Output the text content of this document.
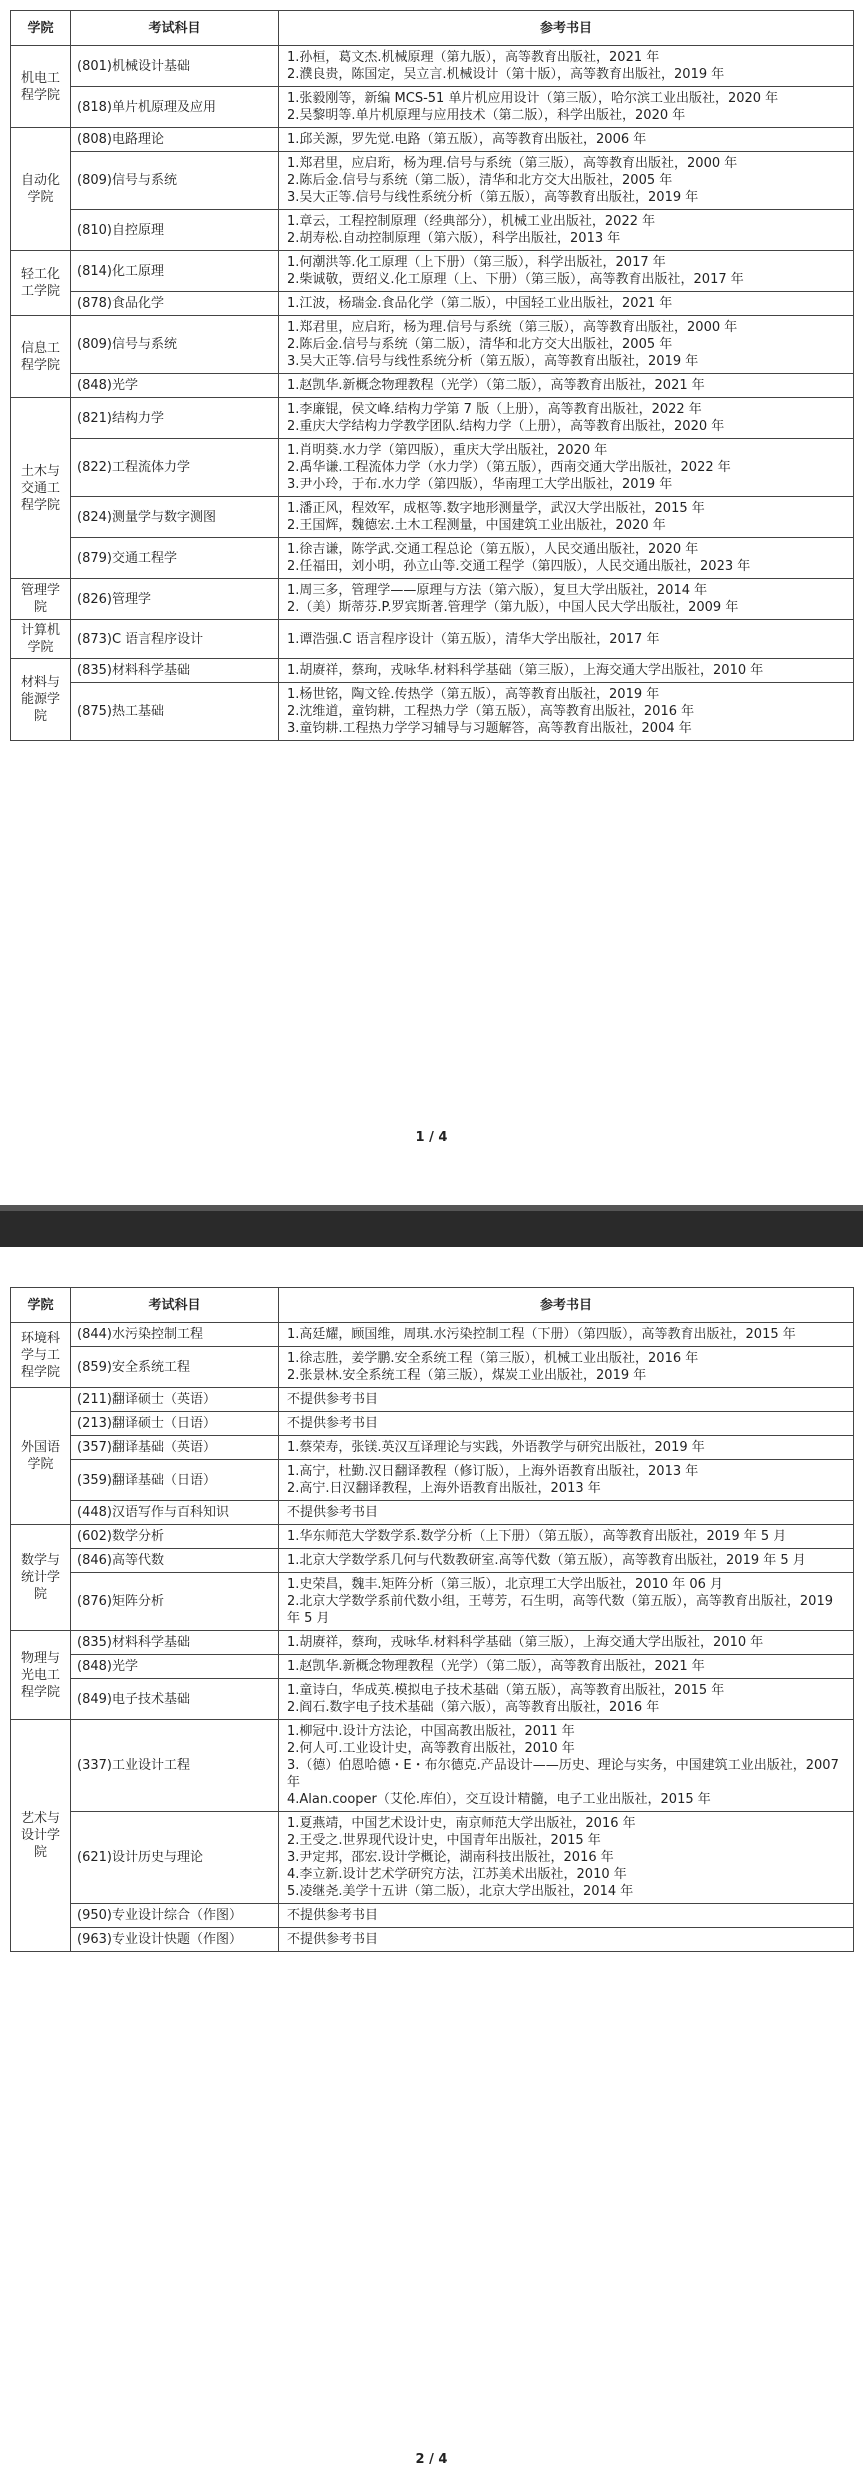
学院	考试科目	参考书目
机电工程学院	(801)机械设计基础	1.孙桓，葛文杰.机械原理（第九版），高等教育出版社，2021 年
2.濮良贵，陈国定，吴立言.机械设计（第十版），高等教育出版社，2019 年

	(818)单片机原理及应用	1.张毅刚等，新编 MCS-51 单片机应用设计（第三版），哈尔滨工业出版社，2020 年
2.吴黎明等.单片机原理与应用技术（第二版），科学出版社，2020 年

自动化学院	(808)电路理论	1.邱关源，罗先觉.电路（第五版），高等教育出版社，2006 年

	(809)信号与系统	1.郑君里，应启珩，杨为理.信号与系统（第三版），高等教育出版社，2000 年
2.陈后金.信号与系统（第二版），清华和北方交大出版社，2005 年
3.吴大正等.信号与线性系统分析（第五版），高等教育出版社，2019 年

	(810)自控原理	1.章云，工程控制原理（经典部分），机械工业出版社，2022 年
2.胡寿松.自动控制原理（第六版），科学出版社，2013 年

轻工化工学院	(814)化工原理	1.何潮洪等.化工原理（上下册）（第三版），科学出版社，2017 年
2.柴诚敬，贾绍义.化工原理（上、下册）（第三版），高等教育出版社，2017 年

	(878)食品化学	1.江波，杨瑞金.食品化学（第二版），中国轻工业出版社，2021 年

信息工程学院	(809)信号与系统	1.郑君里，应启珩，杨为理.信号与系统（第三版），高等教育出版社，2000 年
2.陈后金.信号与系统（第二版），清华和北方交大出版社，2005 年
3.吴大正等.信号与线性系统分析（第五版），高等教育出版社，2019 年

	(848)光学	1.赵凯华.新概念物理教程（光学）（第二版），高等教育出版社，2021 年

土木与交通工程学院	(821)结构力学	1.李廉锟，侯文峰.结构力学第 7 版（上册），高等教育出版社，2022 年
2.重庆大学结构力学教学团队.结构力学（上册），高等教育出版社，2020 年

	(822)工程流体力学	1.肖明葵.水力学（第四版），重庆大学出版社，2020 年
2.禹华谦.工程流体力学（水力学）（第五版），西南交通大学出版社，2022 年
3.尹小玲，于布.水力学（第四版），华南理工大学出版社，2019 年

	(824)测量学与数字测图	1.潘正风，程效军，成枢等.数字地形测量学，武汉大学出版社，2015 年
2.王国辉，魏德宏.土木工程测量，中国建筑工业出版社，2020 年

	(879)交通工程学	1.徐吉谦，陈学武.交通工程总论（第五版），人民交通出版社，2020 年
2.任福田，刘小明，孙立山等.交通工程学（第四版），人民交通出版社，2023 年

管理学院	(826)管理学	1.周三多，管理学——原理与方法（第六版），复旦大学出版社，2014 年
2.（美）斯蒂芬.P.罗宾斯著.管理学（第九版），中国人民大学出版社，2009 年

计算机学院	(873)C 语言程序设计	1.谭浩强.C 语言程序设计（第五版），清华大学出版社，2017 年

材料与能源学院	(835)材料科学基础	1.胡赓祥，蔡珣，戎咏华.材料科学基础（第三版），上海交通大学出版社，2010 年

	(875)热工基础	1.杨世铭，陶文铨.传热学（第五版），高等教育出版社，2019 年
2.沈维道，童钧耕，工程热力学（第五版），高等教育出版社，2016 年
3.童钧耕.工程热力学学习辅导与习题解答，高等教育出版社，2004 年
1 / 4
学院	考试科目	参考书目
环境科学与工程学院	(844)水污染控制工程	1.高廷耀，顾国维，周琪.水污染控制工程（下册）（第四版），高等教育出版社，2015 年

	(859)安全系统工程	1.徐志胜，姜学鹏.安全系统工程（第三版），机械工业出版社，2016 年
2.张景林.安全系统工程（第三版），煤炭工业出版社，2019 年

外国语学院	(211)翻译硕士（英语）	不提供参考书目

	(213)翻译硕士（日语）	不提供参考书目

	(357)翻译基础（英语）	1.蔡荣寿，张镁.英汉互译理论与实践，外语教学与研究出版社，2019 年

	(359)翻译基础（日语）	1.高宁，杜勤.汉日翻译教程（修订版），上海外语教育出版社，2013 年
2.高宁.日汉翻译教程，上海外语教育出版社，2013 年

	(448)汉语写作与百科知识	不提供参考书目

数学与统计学院	(602)数学分析	1.华东师范大学数学系.数学分析（上下册）（第五版），高等教育出版社，2019 年 5 月

	(846)高等代数	1.北京大学数学系几何与代数教研室.高等代数（第五版），高等教育出版社，2019 年 5 月

	(876)矩阵分析	1.史荣昌，魏丰.矩阵分析（第三版），北京理工大学出版社，2010 年 06 月
2.北京大学数学系前代数小组，王萼芳，石生明，高等代数（第五版），高等教育出版社，2019 年 5 月

物理与光电工程学院	(835)材料科学基础	1.胡赓祥，蔡珣，戎咏华.材料科学基础（第三版），上海交通大学出版社，2010 年

	(848)光学	1.赵凯华.新概念物理教程（光学）（第二版），高等教育出版社，2021 年

	(849)电子技术基础	1.童诗白，华成英.模拟电子技术基础（第五版），高等教育出版社，2015 年
2.阎石.数字电子技术基础（第六版），高等教育出版社，2016 年

艺术与设计学院	(337)工业设计工程	1.柳冠中.设计方法论，中国高教出版社，2011 年
2.何人可.工业设计史，高等教育出版社，2010 年
3.（德）伯恩哈德・E・布尔德克.产品设计——历史、理论与实务，中国建筑工业出版社，2007 年
4.Alan.cooper（艾伦.库伯），交互设计精髓，电子工业出版社，2015 年

	(621)设计历史与理论	1.夏燕靖，中国艺术设计史，南京师范大学出版社，2016 年
2.王受之.世界现代设计史，中国青年出版社，2015 年
3.尹定邦，邵宏.设计学概论，湖南科技出版社，2016 年
4.李立新.设计艺术学研究方法，江苏美术出版社，2010 年
5.凌继尧.美学十五讲（第二版），北京大学出版社，2014 年

	(950)专业设计综合（作图）	不提供参考书目

	(963)专业设计快题（作图）	不提供参考书目
2 / 4
